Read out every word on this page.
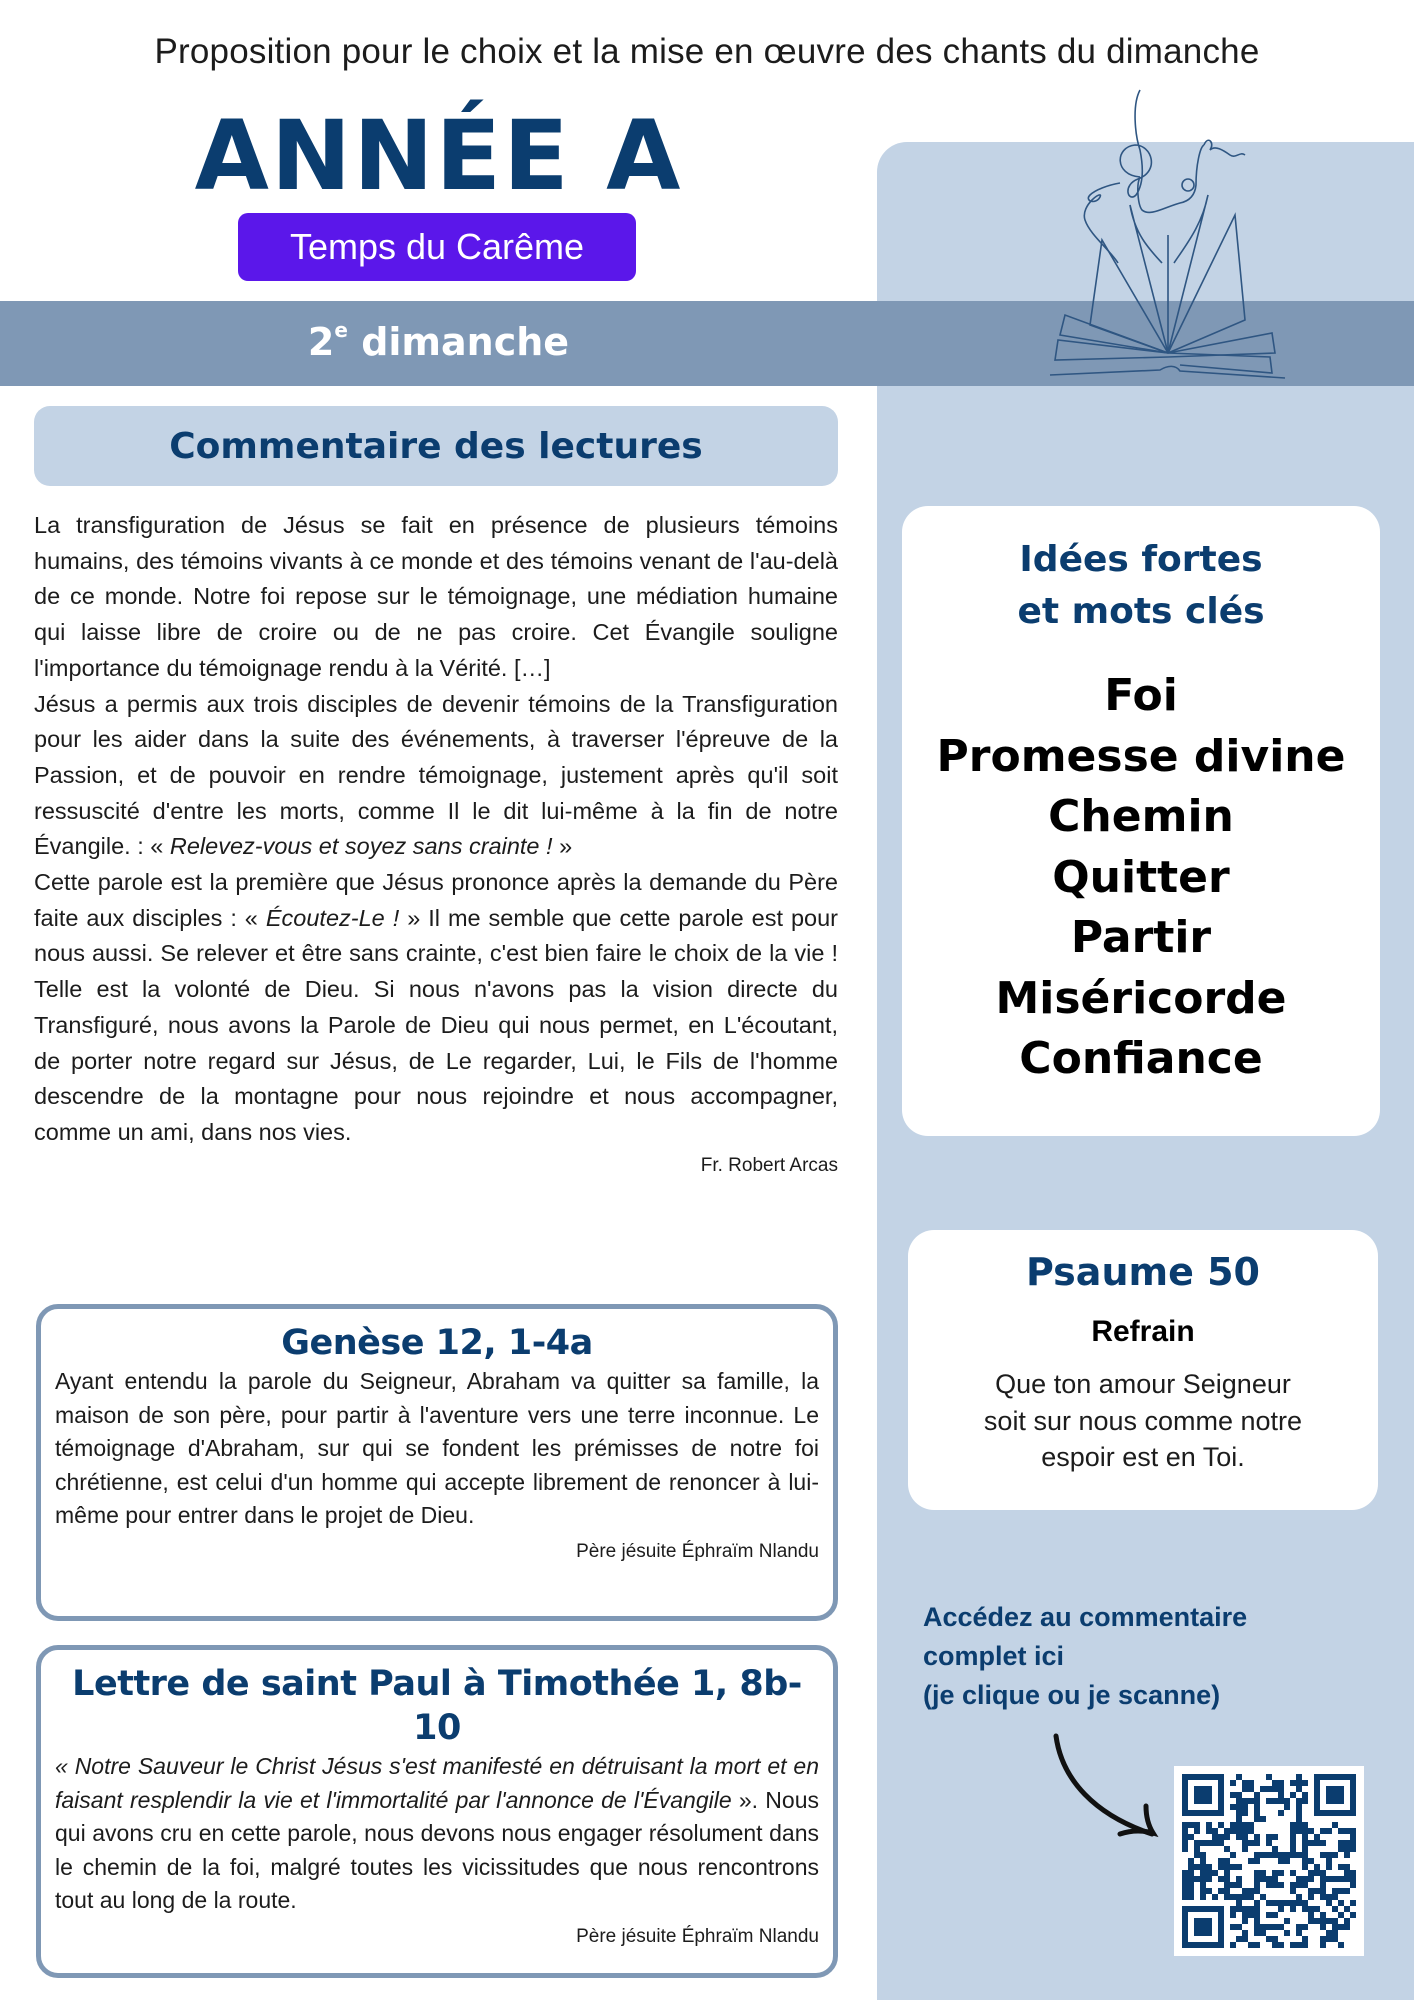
Proposition pour le choix et la mise en œuvre des chants du dimanche
ANNÉE A
Temps du Carême
2e dimanche
Commentaire des lectures

La transfiguration de Jésus se fait en présence de plusieurs témoins humains, des témoins vivants à ce monde et des témoins venant de l'au-delà de ce monde. Notre foi repose sur le témoignage, une médiation humaine qui laisse libre de croire ou de ne pas croire. Cet Évangile souligne l'importance du témoignage rendu à la Vérité. […]

Jésus a permis aux trois disciples de devenir témoins de la Transfiguration pour les aider dans la suite des événements, à traverser l'épreuve de la Passion, et de pouvoir en rendre témoignage, justement après qu'il soit ressuscité d'entre les morts, comme Il le dit lui-même à la fin de notre Évangile. : « Relevez-vous et soyez sans crainte ! »

Cette parole est la première que Jésus prononce après la demande du Père faite aux disciples : « Écoutez-Le ! » Il me semble que cette parole est pour nous aussi. Se relever et être sans crainte, c'est bien faire le choix de la vie ! Telle est la volonté de Dieu. Si nous n'avons pas la vision directe du Transfiguré, nous avons la Parole de Dieu qui nous permet, en L'écoutant, de porter notre regard sur Jésus, de Le regarder, Lui, le Fils de l'homme descendre de la montagne pour nous rejoindre et nous accompagner, comme un ami, dans nos vies.

Fr. Robert Arcas
Genèse 12, 1-4a
Ayant entendu la parole du Seigneur, Abraham va quitter sa famille, la maison de son père, pour partir à l'aventure vers une terre inconnue. Le témoignage d'Abraham, sur qui se fondent les prémisses de notre foi chrétienne, est celui d'un homme qui accepte librement de renoncer à lui-même pour entrer dans le projet de Dieu.
Père jésuite Éphraïm Nlandu
Lettre de saint Paul à Timothée 1, 8b-10
« Notre Sauveur le Christ Jésus s'est manifesté en détruisant la mort et en faisant resplendir la vie et l'immortalité par l'annonce de l'Évangile ». Nous qui avons cru en cette parole, nous devons nous engager résolument dans le chemin de la foi, malgré toutes les vicissitudes que nous rencontrons tout au long de la route.
Père jésuite Éphraïm Nlandu
Idées fortes
et mots clés
Foi
Promesse divine
Chemin
Quitter
Partir
Miséricorde
Confiance
Psaume 50
Refrain
Que ton amour Seigneur
soit sur nous comme notre
espoir est en Toi.
Accédez au commentaire
complet ici
(je clique ou je scanne)
